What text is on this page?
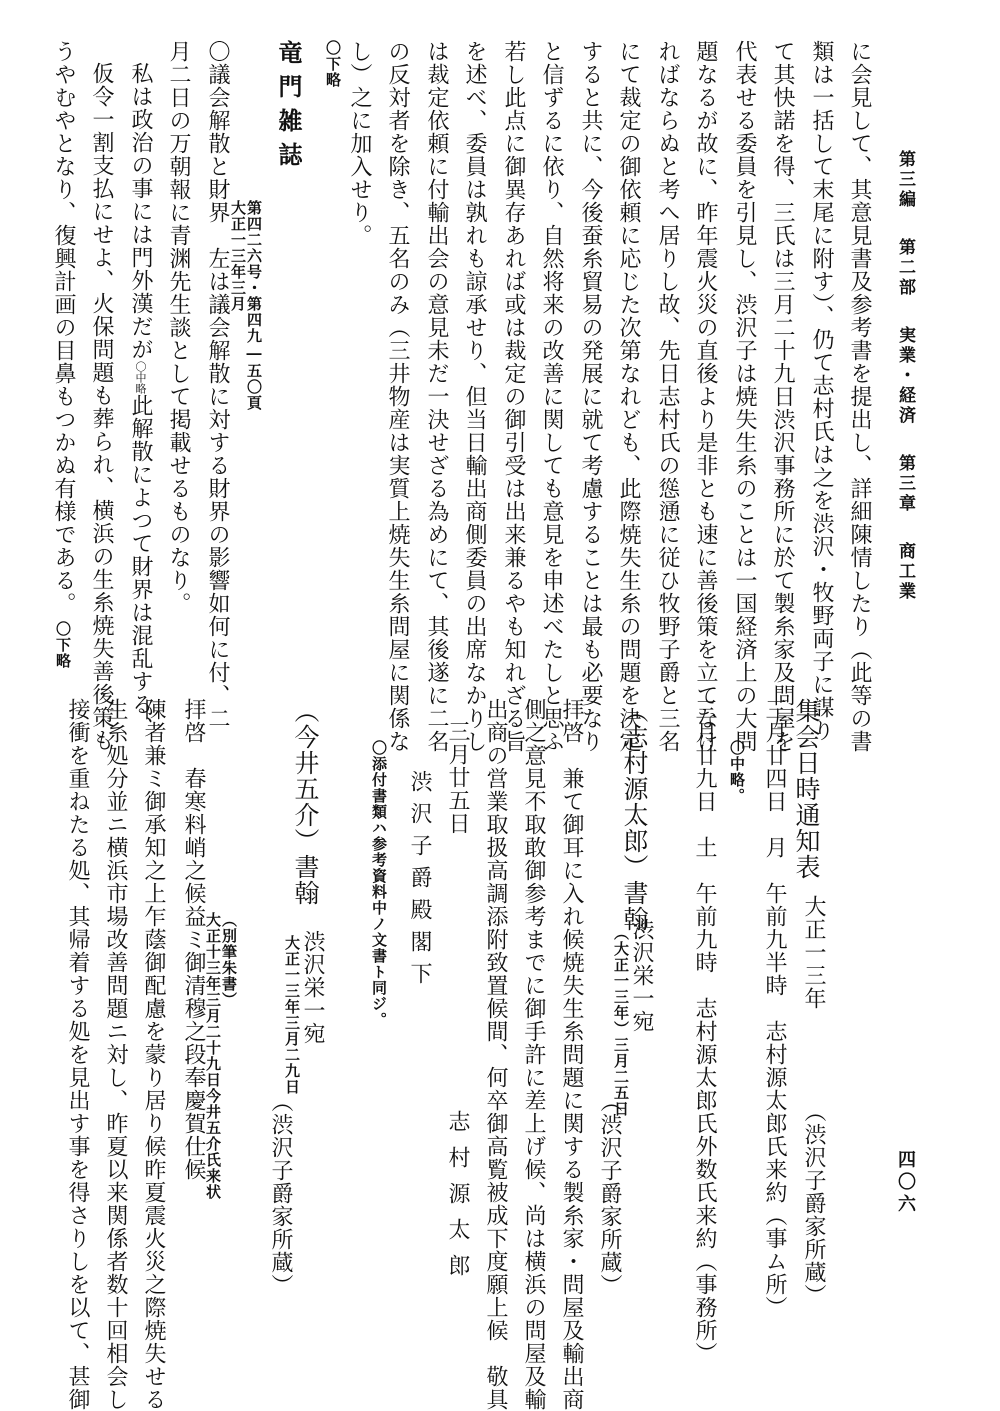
第三編第二部実業・経済第三章商工業
四〇六
に会見して、其意見書及参考書を提出し、詳細陳情したり（此等の書
類は一括して末尾に附す）、仍て志村氏は之を渋沢・牧野両子に謀り
て其快諾を得、三氏は三月二十九日渋沢事務所に於て製糸家及問屋を
代表せる委員を引見し、渋沢子は焼失生糸のことは一国経済上の大問
題なるが故に、昨年震火災の直後より是非とも速に善後策を立てなけ
ればならぬと考へ居りし故、先日志村氏の慫慂に従ひ牧野子爵と三名
にて裁定の御依頼に応じた次第なれども、此際焼失生糸の問題を決定
すると共に、今後蚕糸貿易の発展に就て考慮することは最も必要なり
と信ずるに依り、自然将来の改善に関しても意見を申述べたしと思ふ
若し此点に御異存あれば或は裁定の御引受は出来兼るやも知れざる旨
を述べ、委員は孰れも諒承せり、但当日輸出商側委員の出席なかりし
は裁定依頼に付輸出会の意見未だ一決せざる為めにて、其後遂に二名
の反対者を除き、五名のみ（三井物産は実質上焼失生糸問屋に関係な
し）之に加入せり。
〇下略
竜門雑誌
第四二六号・第四九―五〇頁
大正一三年三月
〇議会解散と財界　左は議会解散に対する財界の影響如何に付、二
月二日の万朝報に青渊先生談として掲載せるものなり。
私は政治の事には門外漢だが〇中略此解散によつて財界は混乱する、
仮令一割支払にせよ、火保問題も葬られ、横浜の生糸焼失善後策も
うやむやとなり、復興計画の目鼻もつかぬ有様である。〇下略
集会日時通知表
大正一三年
（渋沢子爵家所蔵）
三月廿四日　月　午前九半時　志村源太郎氏来約（事ム所）
〇中略。
三月廿九日　土　午前九時　志村源太郎氏外数氏来約（事務所）
（志村源太郎）書翰
渋沢栄一宛
（大正一三年）三月二五日
（渋沢子爵家所蔵）
拝啓　兼て御耳に入れ候焼失生糸問題に関する製糸家・問屋及輸出商
側之意見不取敢御参考までに御手許に差上げ候、尚は横浜の問屋及輸
出商の営業取扱高調添附致置候間、何卒御高覧被成下度願上候　敬具
三月廿五日
志村源太郎
渋沢子爵殿閣下
〇添付書類ハ参考資料中ノ文書ト同ジ。
（今井五介）書翰
渋沢栄一宛
大正一三年三月二九日
（渋沢子爵家所蔵）
（別筆朱書）
大正十三年三月二十九日今井五介氏来状
拝啓　春寒料峭之候益ミ御清穆之段奉慶賀仕候
陳者兼ミ御承知之上乍蔭御配慮を蒙り居り候昨夏震火災之際焼失せる
生糸処分並ニ横浜市場改善問題ニ対し、昨夏以来関係者数十回相会し
接衝を重ねたる処、其帰着する処を見出す事を得さりしを以て、甚御
